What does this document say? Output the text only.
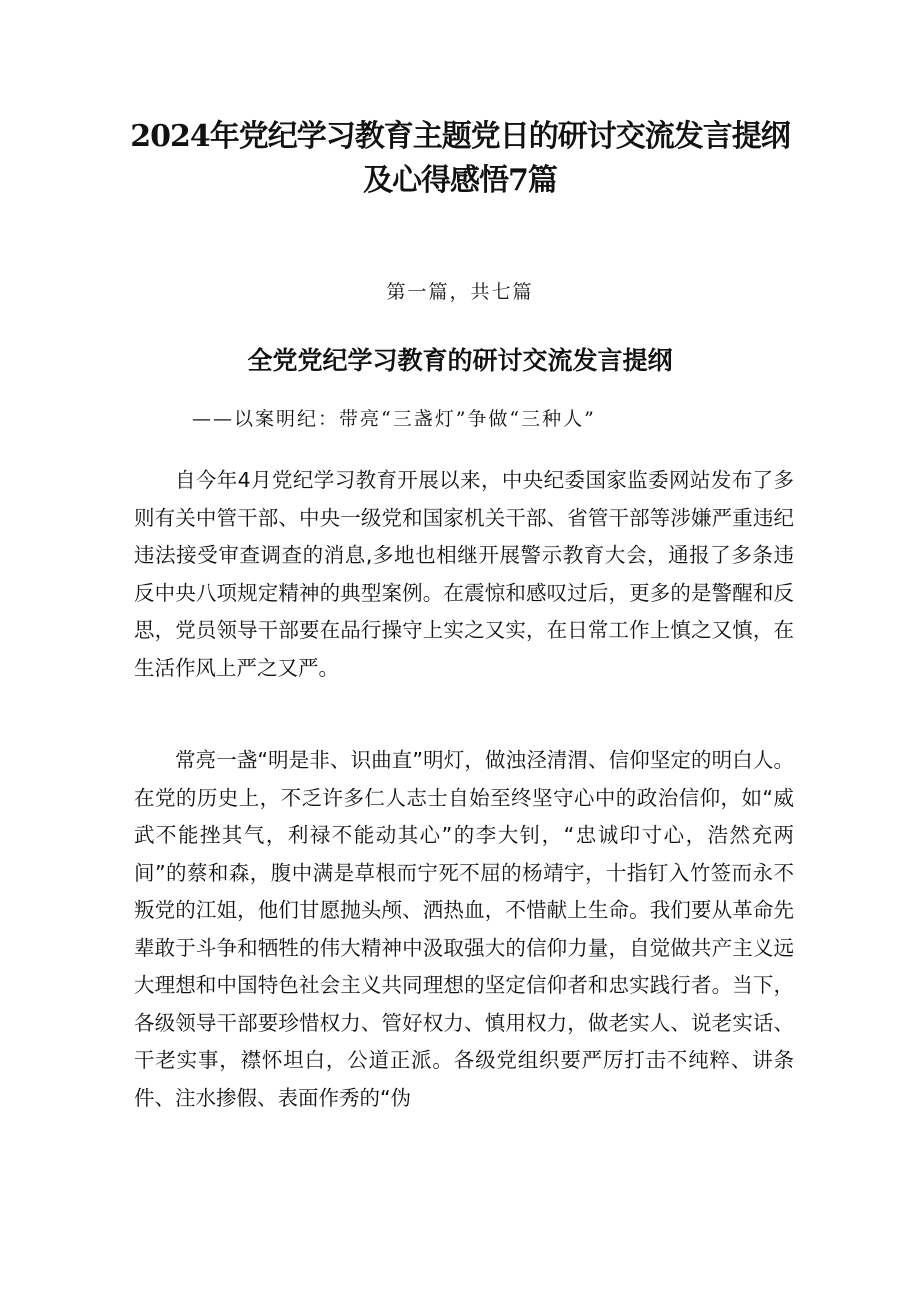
2024年党纪学习教育主题党日的研讨交流发言提纲
及心得感悟7篇
第一篇，共七篇
全党党纪学习教育的研讨交流发言提纲
——以案明纪：带亮“三盏灯”争做“三种人”

自今年4月党纪学习教育开展以来，中央纪委国家监委网站发布了多则有关中管干部、中央一级党和国家机关干部、省管干部等涉嫌严重违纪违法接受审查调查的消息,多地也相继开展警示教育大会，通报了多条违反中央八项规定精神的典型案例。在震惊和感叹过后，更多的是警醒和反思，党员领导干部要在品行操守上实之又实，在日常工作上慎之又慎，在生活作风上严之又严。

常亮一盏“明是非、识曲直”明灯，做浊泾清渭、信仰坚定的明白人。在党的历史上，不乏许多仁人志士自始至终坚守心中的政治信仰，如“威武不能挫其气，利禄不能动其心”的李大钊，“忠诚印寸心，浩然充两间”的蔡和森，腹中满是草根而宁死不屈的杨靖宇，十指钉入竹签而永不叛党的江姐，他们甘愿抛头颅、洒热血，不惜献上生命。我们要从革命先辈敢于斗争和牺牲的伟大精神中汲取强大的信仰力量，自觉做共产主义远大理想和中国特色社会主义共同理想的坚定信仰者和忠实践行者。当下，各级领导干部要珍惜权力、管好权力、慎用权力，做老实人、说老实话、干老实事，襟怀坦白，公道正派。各级党组织要严厉打击不纯粹、讲条件、注水掺假、表面作秀的“伪
